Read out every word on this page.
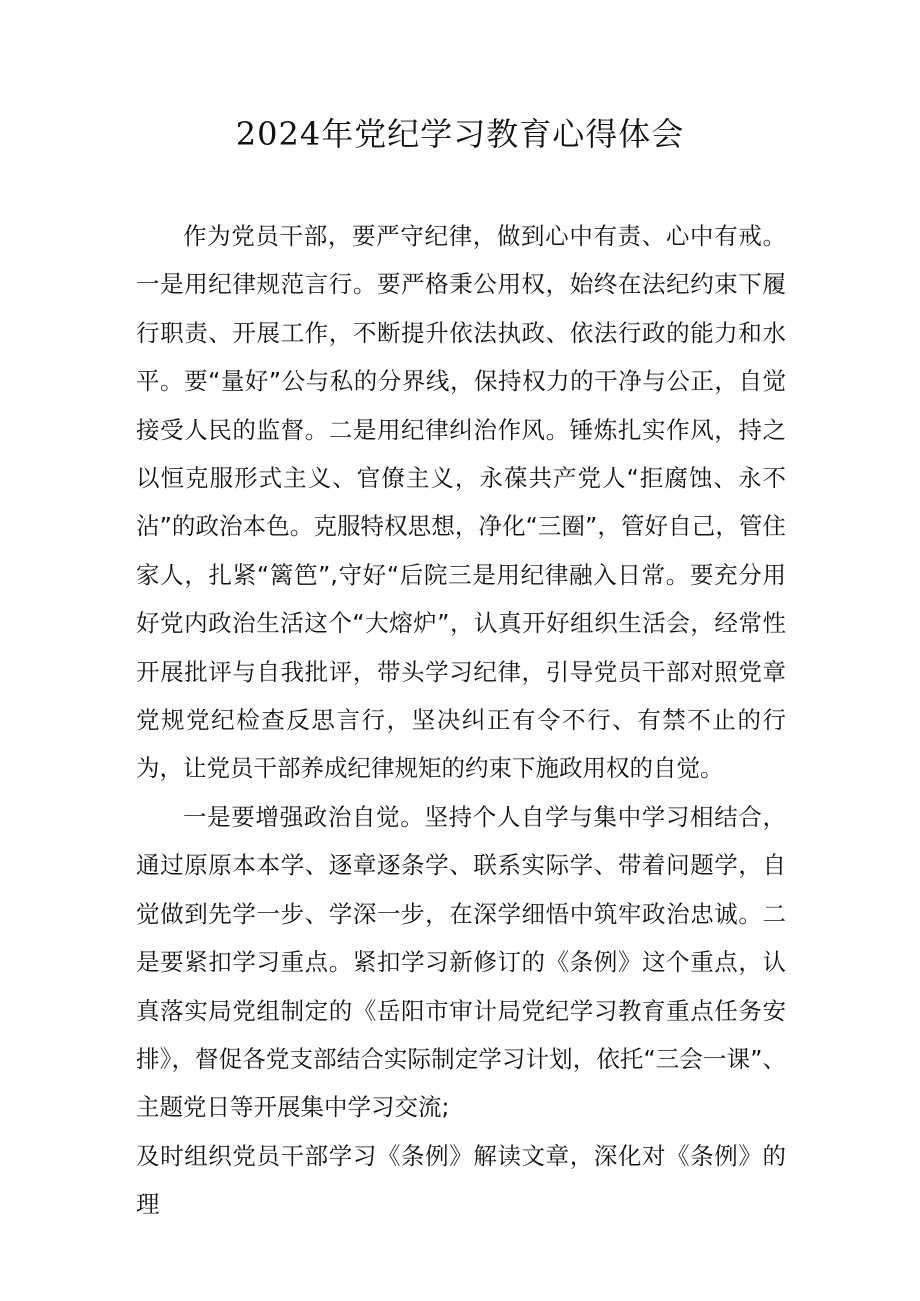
2024年党纪学习教育心得体会

作为党员干部，要严守纪律，做到心中有责、心中有戒。一是用纪律规范言行。要严格秉公用权，始终在法纪约束下履行职责、开展工作，不断提升依法执政、依法行政的能力和水平。要“量好”公与私的分界线，保持权力的干净与公正，自觉接受人民的监督。二是用纪律纠治作风。锤炼扎实作风，持之以恒克服形式主义、官僚主义，永葆共产党人“拒腐蚀、永不沾”的政治本色。克服特权思想，净化“三圈”，管好自己，管住家人，扎紧“篱笆”,守好“后院三是用纪律融入日常。要充分用好党内政治生活这个“大熔炉”，认真开好组织生活会，经常性开展批评与自我批评，带头学习纪律，引导党员干部对照党章党规党纪检查反思言行，坚决纠正有令不行、有禁不止的行为，让党员干部养成纪律规矩的约束下施政用权的自觉。

一是要增强政治自觉。坚持个人自学与集中学习相结合，通过原原本本学、逐章逐条学、联系实际学、带着问题学，自觉做到先学一步、学深一步，在深学细悟中筑牢政治忠诚。二是要紧扣学习重点。紧扣学习新修订的《条例》这个重点，认真落实局党组制定的《岳阳市审计局党纪学习教育重点任务安排》，督促各党支部结合实际制定学习计划，依托“三会一课”、主题党日等开展集中学习交流;

及时组织党员干部学习《条例》解读文章，深化对《条例》的理
